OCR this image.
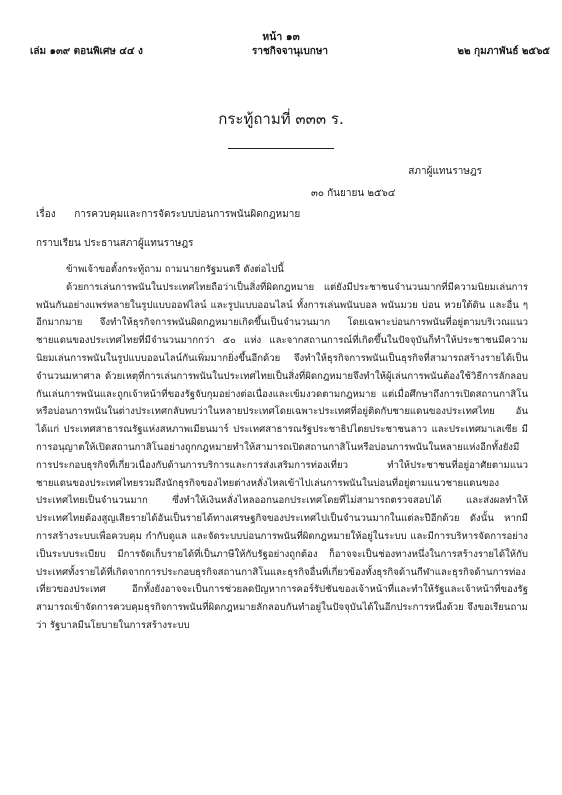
หน้า ๑๓
เล่ม ๑๓๙ ตอนพิเศษ ๔๔ ง	ราชกิจจานุเบกษา	๒๒ กุมภาพันธ์ ๒๕๖๕
กระทู้ถามที่ ๓๓๓ ร.
สภาผู้แทนราษฎร
๓๐ กันยายน ๒๕๖๔
เรื่อง การควบคุมและการจัดระบบบ่อนการพนันผิดกฎหมาย
กราบเรียน ประธานสภาผู้แทนราษฎร

ข้าพเจ้าขอตั้งกระทู้ถาม ถามนายกรัฐมนตรี ดังต่อไปนี้

ด้วยการเล่นการพนันในประเทศไทยถือว่าเป็นสิ่งที่ผิดกฎหมาย แต่ยังมีประชาชนจำนวนมากที่มีความนิยมเล่นการพนันกันอย่างแพร่หลายในรูปแบบออฟไลน์ และรูปแบบออนไลน์ ทั้งการเล่นพนันบอล พนันมวย บ่อน หวยใต้ดิน และอื่น ๆ อีกมากมาย จึงทำให้ธุรกิจการพนันผิดกฎหมายเกิดขึ้นเป็นจำนวนมาก โดยเฉพาะบ่อนการพนันที่อยู่ตามบริเวณแนวชายแดนของประเทศไทยที่มีจำนวนมากกว่า ๕๐ แห่ง และจากสถานการณ์ที่เกิดขึ้นในปัจจุบันก็ทำให้ประชาชนมีความนิยมเล่นการพนันในรูปแบบออนไลน์กันเพิ่มมากยิ่งขึ้นอีกด้วย จึงทำให้ธุรกิจการพนันเป็นธุรกิจที่สามารถสร้างรายได้เป็นจำนวนมหาศาล ด้วยเหตุที่การเล่นการพนันในประเทศไทยเป็นสิ่งที่ผิดกฎหมายจึงทำให้ผู้เล่นการพนันต้องใช้วิธีการลักลอบกันเล่นการพนันและถูกเจ้าหน้าที่ของรัฐจับกุมอย่างต่อเนื่องและเข้มงวดตามกฎหมาย แต่เมื่อศึกษาถึงการเปิดสถานกาสิโน หรือบ่อนการพนันในต่างประเทศกลับพบว่าในหลายประเทศโดยเฉพาะประเทศที่อยู่ติดกับชายแดนของประเทศไทย อันได้แก่ ประเทศสาธารณรัฐแห่งสหภาพเมียนมาร์ ประเทศสาธารณรัฐประชาธิปไตยประชาชนลาว และประเทศมาเลเซีย มีการอนุญาตให้เปิดสถานกาสิโนอย่างถูกกฎหมายทำให้สามารถเปิดสถานกาสิโนหรือบ่อนการพนันในหลายแห่งอีกทั้งยังมีการประกอบธุรกิจที่เกี่ยวเนื่องกับด้านการบริการและการส่งเสริมการท่องเที่ยว ทำให้ประชาชนที่อยู่อาศัยตามแนวชายแดนของประเทศไทยรวมถึงนักธุรกิจของไทยต่างหลั่งไหลเข้าไปเล่นการพนันในบ่อนที่อยู่ตามแนวชายแดนของประเทศไทยเป็นจำนวนมาก ซึ่งทำให้เงินหลั่งไหลออกนอกประเทศโดยที่ไม่สามารถตรวจสอบได้ และส่งผลทำให้ประเทศไทยต้องสูญเสียรายได้อันเป็นรายได้ทางเศรษฐกิจของประเทศไปเป็นจำนวนมากในแต่ละปีอีกด้วย ดังนั้น หากมีการสร้างระบบเพื่อควบคุม กำกับดูแล และจัดระบบบ่อนการพนันที่ผิดกฎหมายให้อยู่ในระบบ และมีการบริหารจัดการอย่างเป็นระบบระเบียบ มีการจัดเก็บรายได้ที่เป็นภาษีให้กับรัฐอย่างถูกต้อง ก็อาจจะเป็นช่องทางหนึ่งในการสร้างรายได้ให้กับประเทศทั้งรายได้ที่เกิดจากการประกอบธุรกิจสถานกาสิโนและธุรกิจอื่นที่เกี่ยวข้องทั้งธุรกิจด้านกีฬาและธุรกิจด้านการท่องเที่ยวของประเทศ อีกทั้งยังอาจจะเป็นการช่วยลดปัญหาการคอร์รัปชันของเจ้าหน้าที่และทำให้รัฐและเจ้าหน้าที่ของรัฐสามารถเข้าจัดการควบคุมธุรกิจการพนันที่ผิดกฎหมายลักลอบกันทำอยู่ในปัจจุบันได้ในอีกประการหนึ่งด้วย จึงขอเรียนถามว่า รัฐบาลมีนโยบายในการสร้างระบบ
